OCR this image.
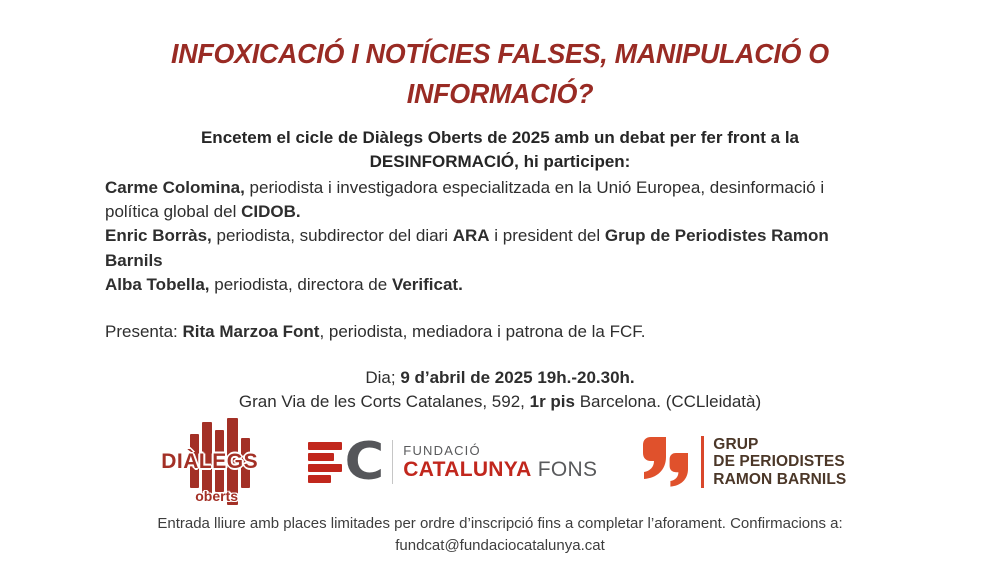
INFOXICACIÓ I NOTÍCIES FALSES, MANIPULACIÓ O
INFORMACIÓ?
Encetem el cicle de Diàlegs Oberts de 2025 amb un debat per fer front a la
DESINFORMACIÓ, hi participen:
Carme Colomina, periodista i investigadora especialitzada en la Unió Europea, desinformació i
política global del CIDOB.
Enric Borràs, periodista, subdirector del diari ARA i president del Grup de Periodistes Ramon
Barnils
Alba Tobella, periodista, directora de Verificat.
Presenta: Rita Marzoa Font, periodista, mediadora i patrona de la FCF.
Dia; 9 d’abril de 2025 19h.-20.30h.
Gran Via de les Corts Catalanes, 592, 1r pis Barcelona. (CCLleidatà)
DIÀLEGS
oberts
C FUNDACIÓ
CATALUNYA FONS
GRUP
DE PERIODISTES
RAMON BARNILS
Entrada lliure amb places limitades per ordre d’inscripció fins a completar l’aforament. Confirmacions a:
fundcat@fundaciocatalunya.cat
